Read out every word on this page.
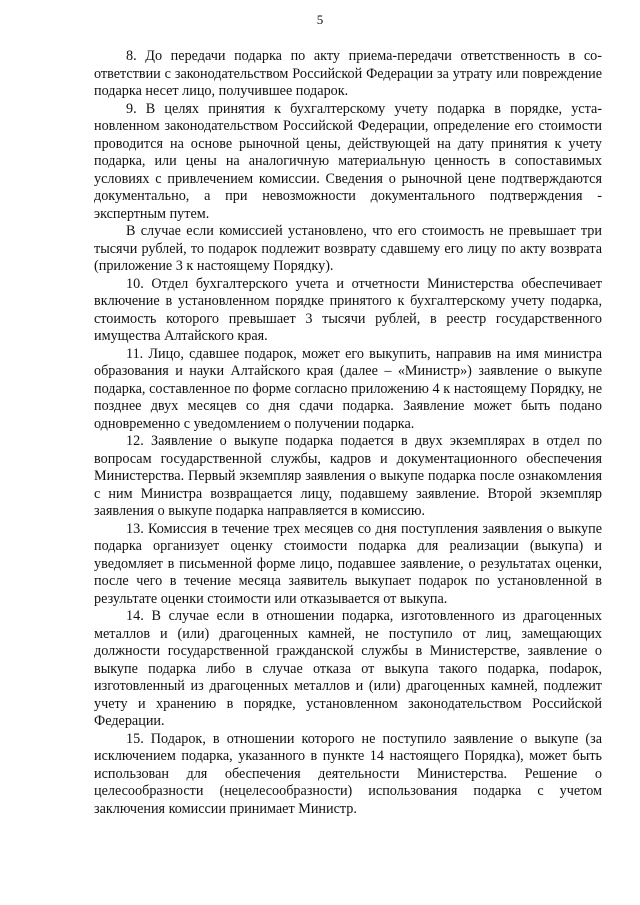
5

8. До передачи подарка по акту приема-передачи ответственность в соответствии с законодательством Российской Федерации за утрату или повреждение подарка несет лицо, получившее подарок.

9. В целях принятия к бухгалтерскому учету подарка в порядке, установленном законодательством Российской Федерации, определение его стоимости проводится на основе рыночной цены, действующей на дату принятия к учету подарка, или цены на аналогичную материальную ценность в сопоставимых условиях с привлечением комиссии. Сведения о рыночной цене подтверждаются документально, а при невозможности документального подтверждения - экспертным путем.

В случае если комиссией установлено, что его стоимость не превышает три тысячи рублей, то подарок подлежит возврату сдавшему его лицу по акту возврата (приложение 3 к настоящему Порядку).

10. Отдел бухгалтерского учета и отчетности Министерства обеспечивает включение в установленном порядке принятого к бухгалтерскому учету подарка, стоимость которого превышает 3 тысячи рублей, в реестр государственного имущества Алтайского края.

11. Лицо, сдавшее подарок, может его выкупить, направив на имя министра образования и науки Алтайского края (далее – «Министр») заявление о выкупе подарка, составленное по форме согласно приложению 4 к настоящему Порядку, не позднее двух месяцев со дня сдачи подарка. Заявление может быть подано одновременно с уведомлением о получении подарка.

12. Заявление о выкупе подарка подается в двух экземплярах в отдел по вопросам государственной службы, кадров и документационного обеспечения Министерства. Первый экземпляр заявления о выкупе подарка после ознакомления с ним Министра возвращается лицу, подавшему заявление. Второй экземпляр заявления о выкупе подарка направляется в комиссию.

13. Комиссия в течение трех месяцев со дня поступления заявления о выкупе подарка организует оценку стоимости подарка для реализации (выкупа) и уведомляет в письменной форме лицо, подавшее заявление, о результатах оценки, после чего в течение месяца заявитель выкупает подарок по установленной в результате оценки стоимости или отказывается от выкупа.

14. В случае если в отношении подарка, изготовленного из драгоценных металлов и (или) драгоценных камней, не поступило от лиц, замещающих должности государственной гражданской службы в Министерстве, заявление о выкупе подарка либо в случае отказа от выкупа такого подарка, поdарок, изготовленный из драгоценных металлов и (или) драгоценных камней, подлежит учету и хранению в порядке, установленном законодательством Российской Федерации.

15. Подарок, в отношении которого не поступило заявление о выкупе (за исключением подарка, указанного в пункте 14 настоящего Порядка), может быть использован для обеспечения деятельности Министерства. Решение о целесообразности (нецелесообразности) использования подарка с учетом заключения комиссии принимает Министр.
